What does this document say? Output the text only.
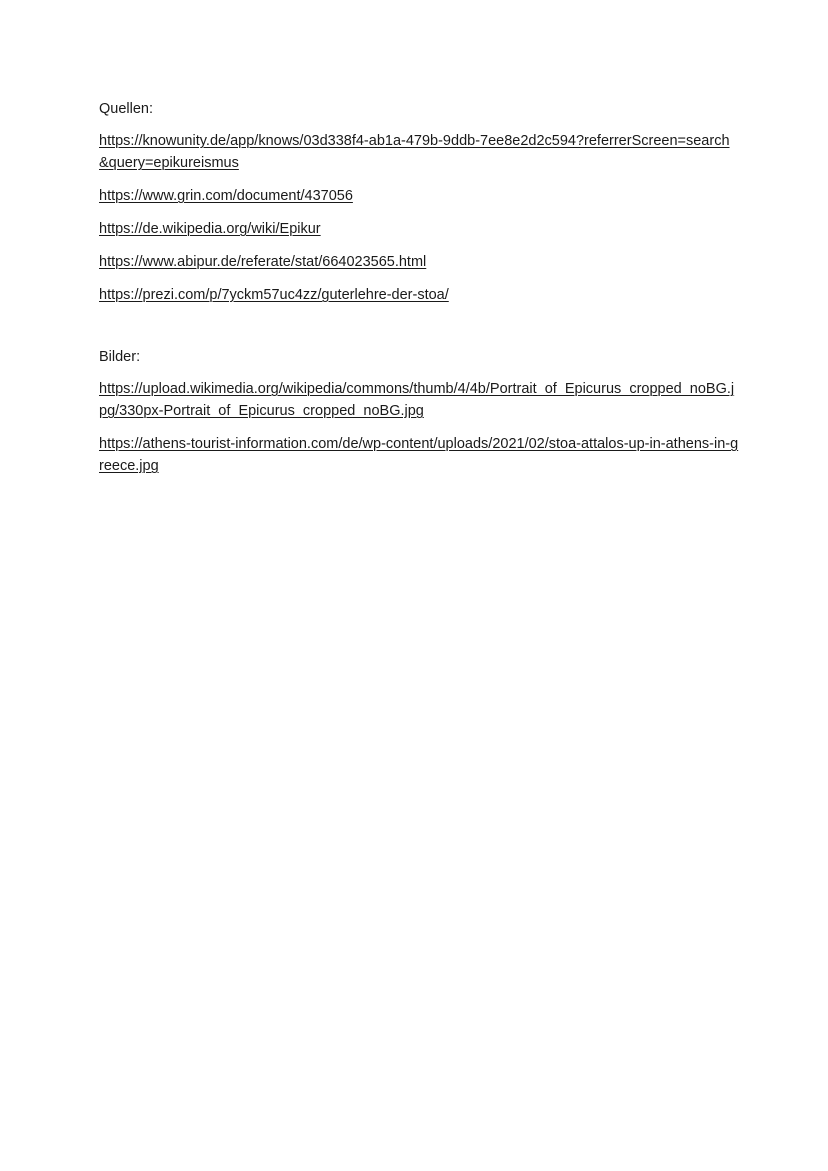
Quellen:
https://knowunity.de/app/knows/03d338f4-ab1a-479b-9ddb-7ee8e2d2c594?referrerScreen=search&query=epikureismus
https://www.grin.com/document/437056
https://de.wikipedia.org/wiki/Epikur
https://www.abipur.de/referate/stat/664023565.html
https://prezi.com/p/7yckm57uc4zz/guterlehre-der-stoa/
Bilder:
https://upload.wikimedia.org/wikipedia/commons/thumb/4/4b/Portrait_of_Epicurus_cropped_noBG.jpg/330px-Portrait_of_Epicurus_cropped_noBG.jpg
https://athens-tourist-information.com/de/wp-content/uploads/2021/02/stoa-attalos-up-in-athens-in-greece.jpg
